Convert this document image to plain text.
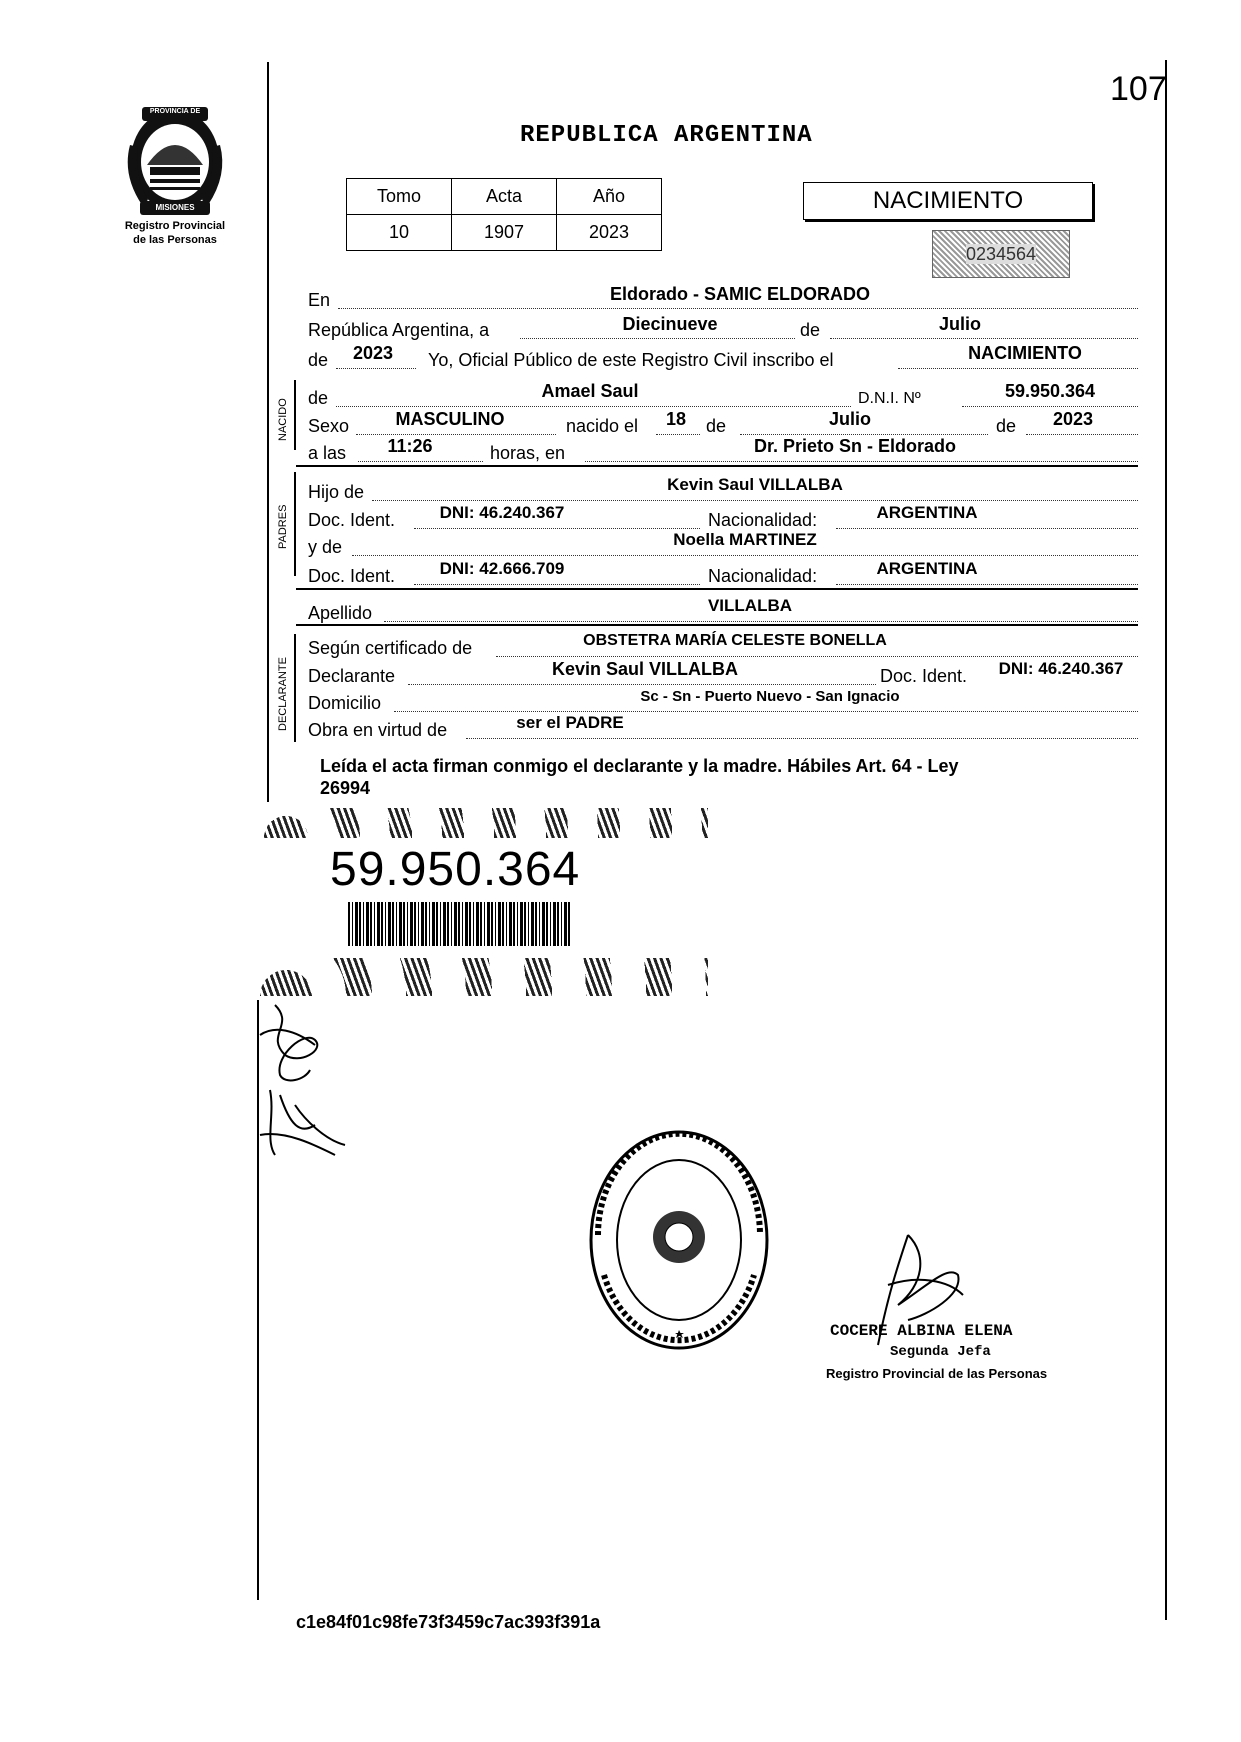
107
PROVINCIA DE
MISIONES
Registro Provincial
de las Personas
REPUBLICA ARGENTINA
Tomo	Acta	Año
10	1907	2023
NACIMIENTO
0234564
En	Eldorado - SAMIC ELDORADO
República Argentina, a	Diecinueve	de	Julio
de	2023	Yo, Oficial Público de este Registro Civil inscribo el	NACIMIENTO
NACIDO
de	Amael Saul	D.N.I. Nº	59.950.364
Sexo	MASCULINO	nacido el	18	de	Julio	de	2023
a las	11:26	horas, en	Dr. Prieto Sn - Eldorado
PADRES
Hijo de	Kevin Saul VILLALBA
Doc. Ident.	DNI: 46.240.367	Nacionalidad:	ARGENTINA
y de	Noella MARTINEZ
Doc. Ident.	DNI: 42.666.709	Nacionalidad:	ARGENTINA
Apellido	VILLALBA
DECLARANTE
Según certificado de	OBSTETRA MARÍA CELESTE BONELLA
Declarante	Kevin Saul VILLALBA	Doc. Ident.	DNI: 46.240.367
Domicilio	Sc - Sn - Puerto Nuevo - San Ignacio
Obra en virtud de	ser el PADRE
Leída el acta firman conmigo el declarante y la madre. Hábiles Art. 64 - Ley
26994
59.950.364
COCERE ALBINA ELENA
Segunda Jefa
Registro Provincial de las Personas
c1e84f01c98fe73f3459c7ac393f391a
